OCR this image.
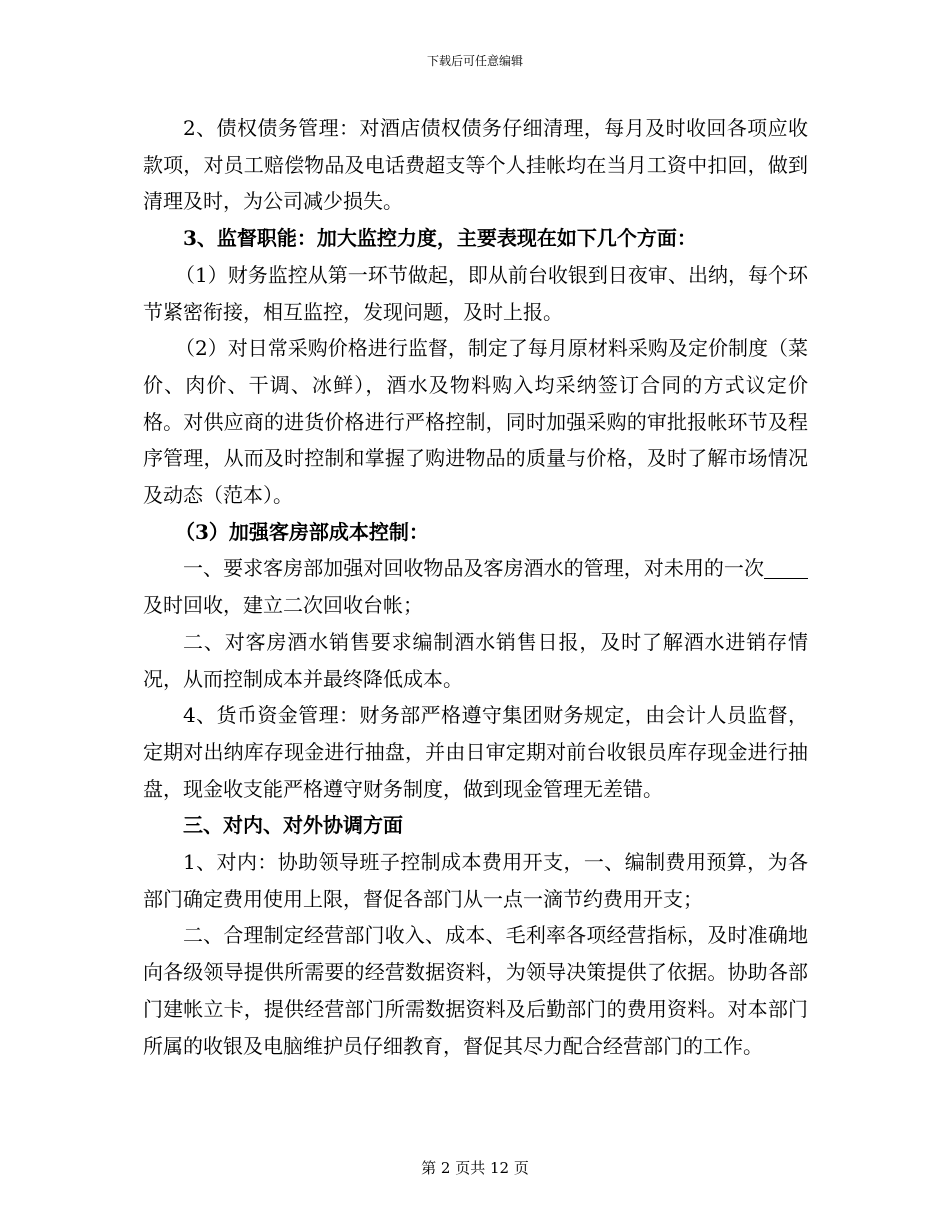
下载后可任意编辑

2、债权债务管理：对酒店债权债务仔细清理，每月及时收回各项应收款项，对员工赔偿物品及电话费超支等个人挂帐均在当月工资中扣回，做到清理及时，为公司减少损失。

3、监督职能：加大监控力度，主要表现在如下几个方面：

（1）财务监控从第一环节做起，即从前台收银到日夜审、出纳，每个环节紧密衔接，相互监控，发现问题，及时上报。

（2）对日常采购价格进行监督，制定了每月原材料采购及定价制度（菜价、肉价、干调、冰鲜），酒水及物料购入均采纳签订合同的方式议定价格。对供应商的进货价格进行严格控制，同时加强采购的审批报帐环节及程序管理，从而及时控制和掌握了购进物品的质量与价格，及时了解市场情况及动态（范本）。

（3）加强客房部成本控制：

一、要求客房部加强对回收物品及客房酒水的管理，对未用的一次及时回收，建立二次回收台帐；

二、对客房酒水销售要求编制酒水销售日报，及时了解酒水进销存情况，从而控制成本并最终降低成本。

4、货币资金管理：财务部严格遵守集团财务规定，由会计人员监督，定期对出纳库存现金进行抽盘，并由日审定期对前台收银员库存现金进行抽盘，现金收支能严格遵守财务制度，做到现金管理无差错。

三、对内、对外协调方面

1、对内：协助领导班子控制成本费用开支，一、编制费用预算，为各部门确定费用使用上限，督促各部门从一点一滴节约费用开支；

二、合理制定经营部门收入、成本、毛利率各项经营指标，及时准确地向各级领导提供所需要的经营数据资料，为领导决策提供了依据。协助各部门建帐立卡，提供经营部门所需数据资料及后勤部门的费用资料。对本部门所属的收银及电脑维护员仔细教育，督促其尽力配合经营部门的工作。

第 2 页共 12 页
